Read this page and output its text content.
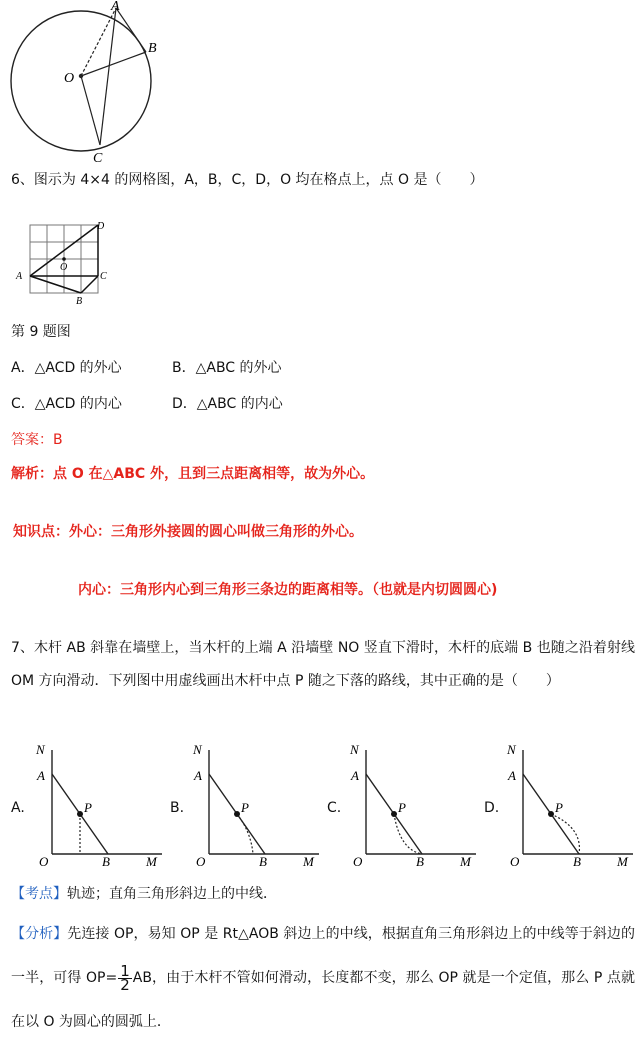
A
B
O
C
6、图示为 4×4 的网格图，A，B，C，D，O 均在格点上，点 O 是（　　）
D
A
O
C
B
第 9 题图
A．△ACD 的外心	B．△ABC 的外心
C．△ACD 的内心	D．△ABC 的内心
答案：B
解析：点 O 在△ABC 外，且到三点距离相等，故为外心。
知识点：外心：三角形外接圆的圆心叫做三角形的外心。
内心：三角形内心到三角形三条边的距离相等。（也就是内切圆圆心)
7、木杆 AB 斜靠在墙壁上，当木杆的上端 A 沿墙壁 NO 竖直下滑时，木杆的底端 B 也随之沿着射线 OM 方向滑动．下列图中用虚线画出木杆中点 P 随之下落的路线，其中正确的是（　　）
A.	B.	C.	D.
N
A
P
O	B	M
N
A
P
O	B	M
N
A
P
O	B	M
N
A
P
O	B	M
【考点】轨迹；直角三角形斜边上的中线．
【分析】先连接 OP，易知 OP 是 Rt△AOB 斜边上的中线，根据直角三角形斜边上的中线等于斜边的一半，可得 $OP= \frac{1}{2}$ AB，由于木杆不管如何滑动，长度都不变，那么 OP 就是一个定值，那么 P 点就在以 O 为圆心的圆弧上．
